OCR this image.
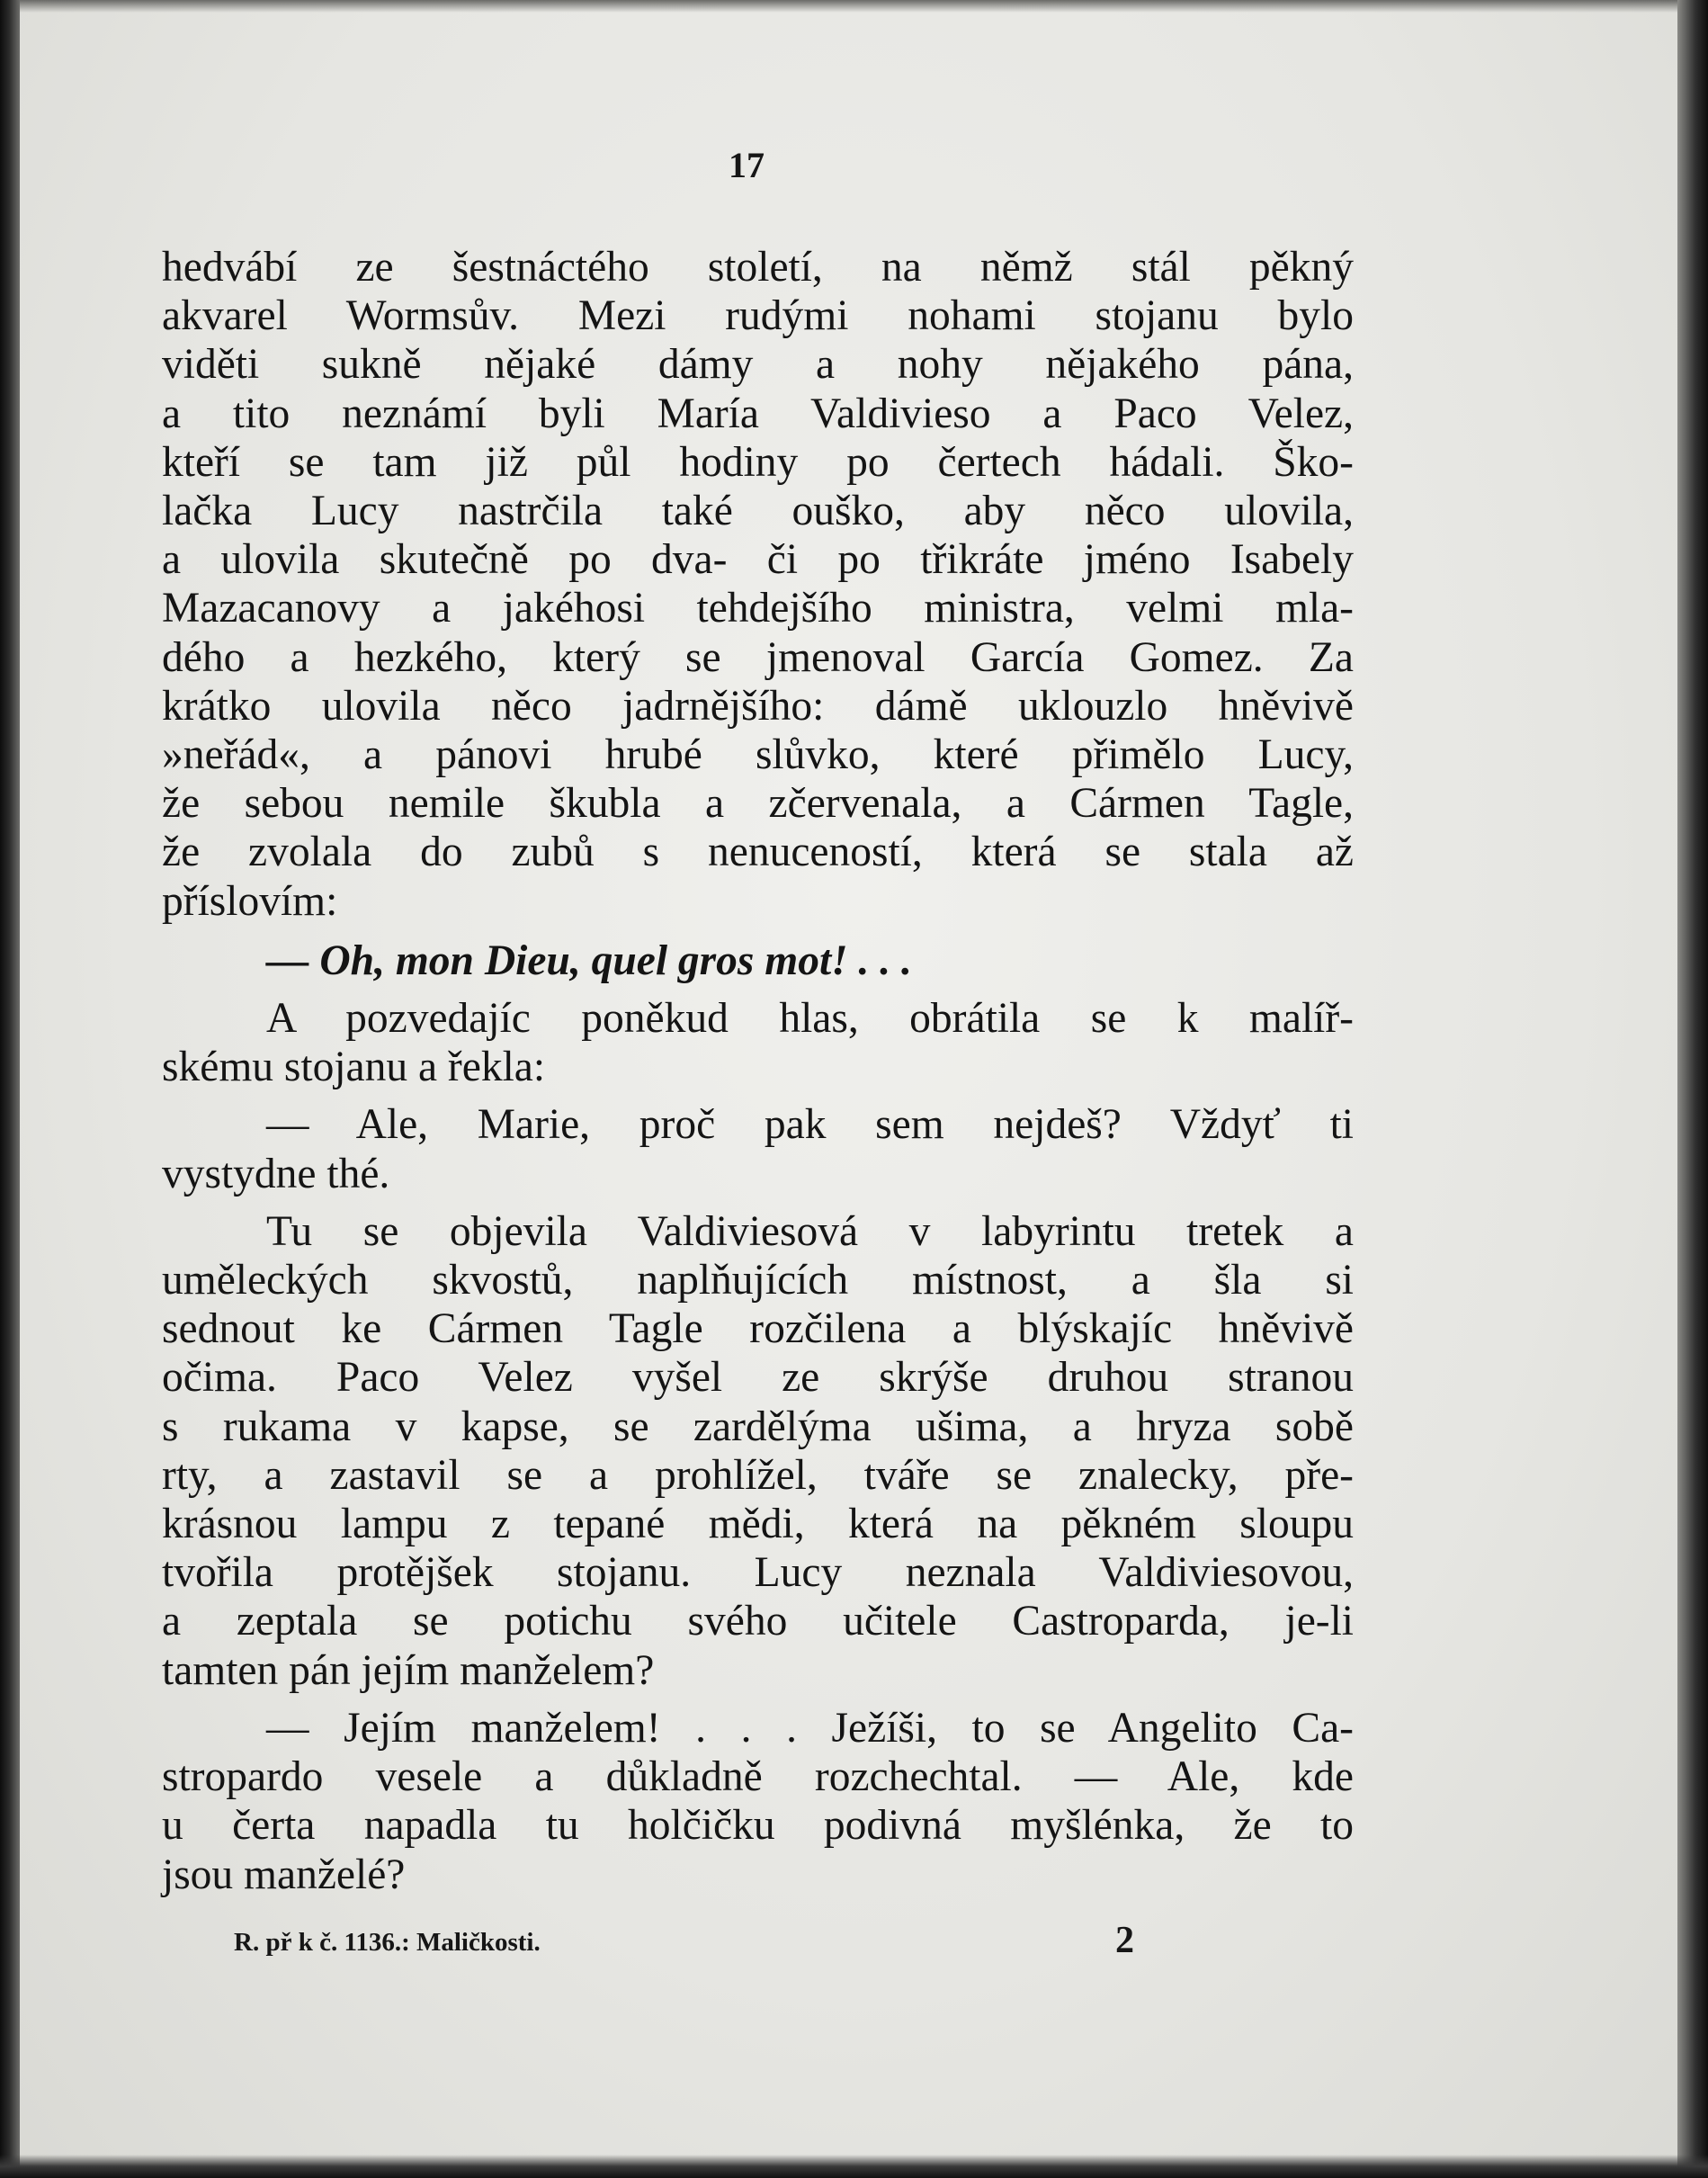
17

hedvábí ze šestnáctého století, na němž stál pěkný

akvarel Wormsův. Mezi rudými nohami stojanu bylo

viděti sukně nějaké dámy a nohy nějakého pána,

a tito neznámí byli María Valdivieso a Paco Velez,

kteří se tam již půl hodiny po čertech hádali. Ško-

lačka Lucy nastrčila také ouško, aby něco ulovila,

a ulovila skutečně po dva- či po třikráte jméno Isabely

Mazacanovy a jakéhosi tehdejšího ministra, velmi mla-

dého a hezkého, který se jmenoval García Gomez. Za

krátko ulovila něco jadrnějšího: dámě uklouzlo hněvivě

»neřád«, a pánovi hrubé slůvko, které přimělo Lucy,

že sebou nemile škubla a zčervenala, a Cármen Tagle,

že zvolala do zubů s nenuceností, která se stala až

příslovím:

— Oh, mon Dieu, quel gros mot! . . .

A pozvedajíc poněkud hlas, obrátila se k malíř-

skému stojanu a řekla:

— Ale, Marie, proč pak sem nejdeš? Vždyť ti

vystydne thé.

Tu se objevila Valdiviesová v labyrintu tretek a

uměleckých skvostů, naplňujících místnost, a šla si

sednout ke Cármen Tagle rozčilena a blýskajíc hněvivě

očima. Paco Velez vyšel ze skrýše druhou stranou

s rukama v kapse, se zardělýma ušima, a hryza sobě

rty, a zastavil se a prohlížel, tváře se znalecky, pře-

krásnou lampu z tepané mědi, která na pěkném sloupu

tvořila protějšek stojanu. Lucy neznala Valdiviesovou,

a zeptala se potichu svého učitele Castroparda, je-li

tamten pán jejím manželem?

— Jejím manželem! . . . Ježíši, to se Angelito Ca-

stropardo vesele a důkladně rozchechtal. — Ale, kde

u čerta napadla tu holčičku podivná myšlénka, že to

jsou manželé?

R. př k č. 1136.: Maličkosti.	2
